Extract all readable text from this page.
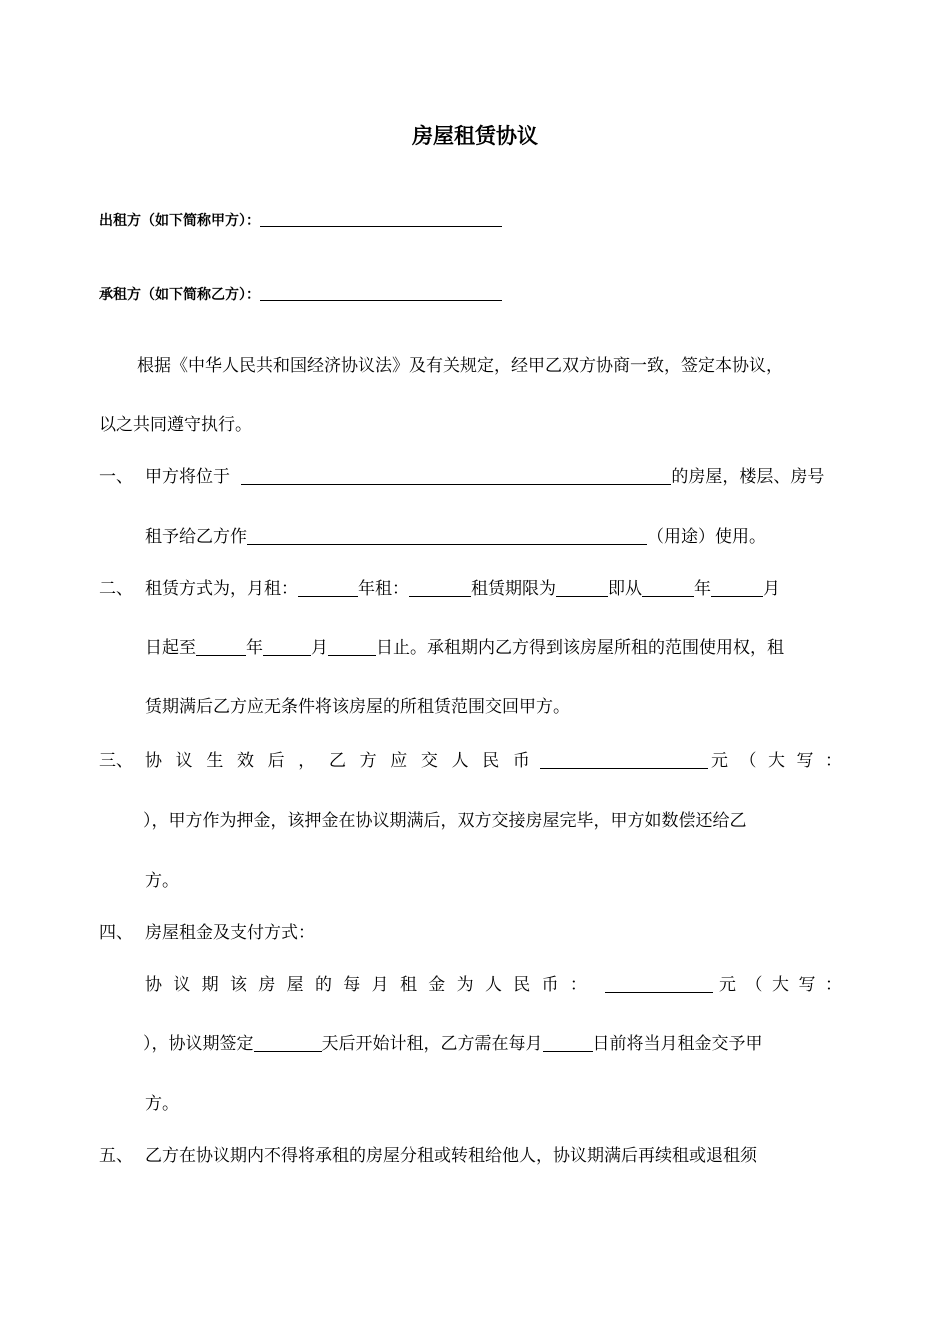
房屋租赁协议
出租方（如下简称甲方）：
承租方（如下简称乙方）：
根据《中华人民共和国经济协议法》及有关规定，经甲乙双方协商一致，签定本协议，
以之共同遵守执行。
一、 甲方将位于	的房屋，楼层、房号
租予给乙方作	（用途）使用。
二、 租赁方式为，月租：	年租：	租赁期限为	即从	年	月
日起至	年	月	日止。承租期内乙方得到该房屋所租的范围使用权，租
赁期满后乙方应无条件将该房屋的所租赁范围交回甲方。
三、 协 议 生 效 后 ， 乙 方 应 交 人 民 币	元 （ 大 写 ：
），甲方作为押金，该押金在协议期满后，双方交接房屋完毕，甲方如数偿还给乙
方。
四、 房屋租金及支付方式：
协 议 期 该 房 屋 的 每 月 租 金 为 人 民 币 ：	元 （ 大 写 ：
），协议期签定	天后开始计租，乙方需在每月	日前将当月租金交予甲
方。
五、 乙方在协议期内不得将承租的房屋分租或转租给他人，协议期满后再续租或退租须
